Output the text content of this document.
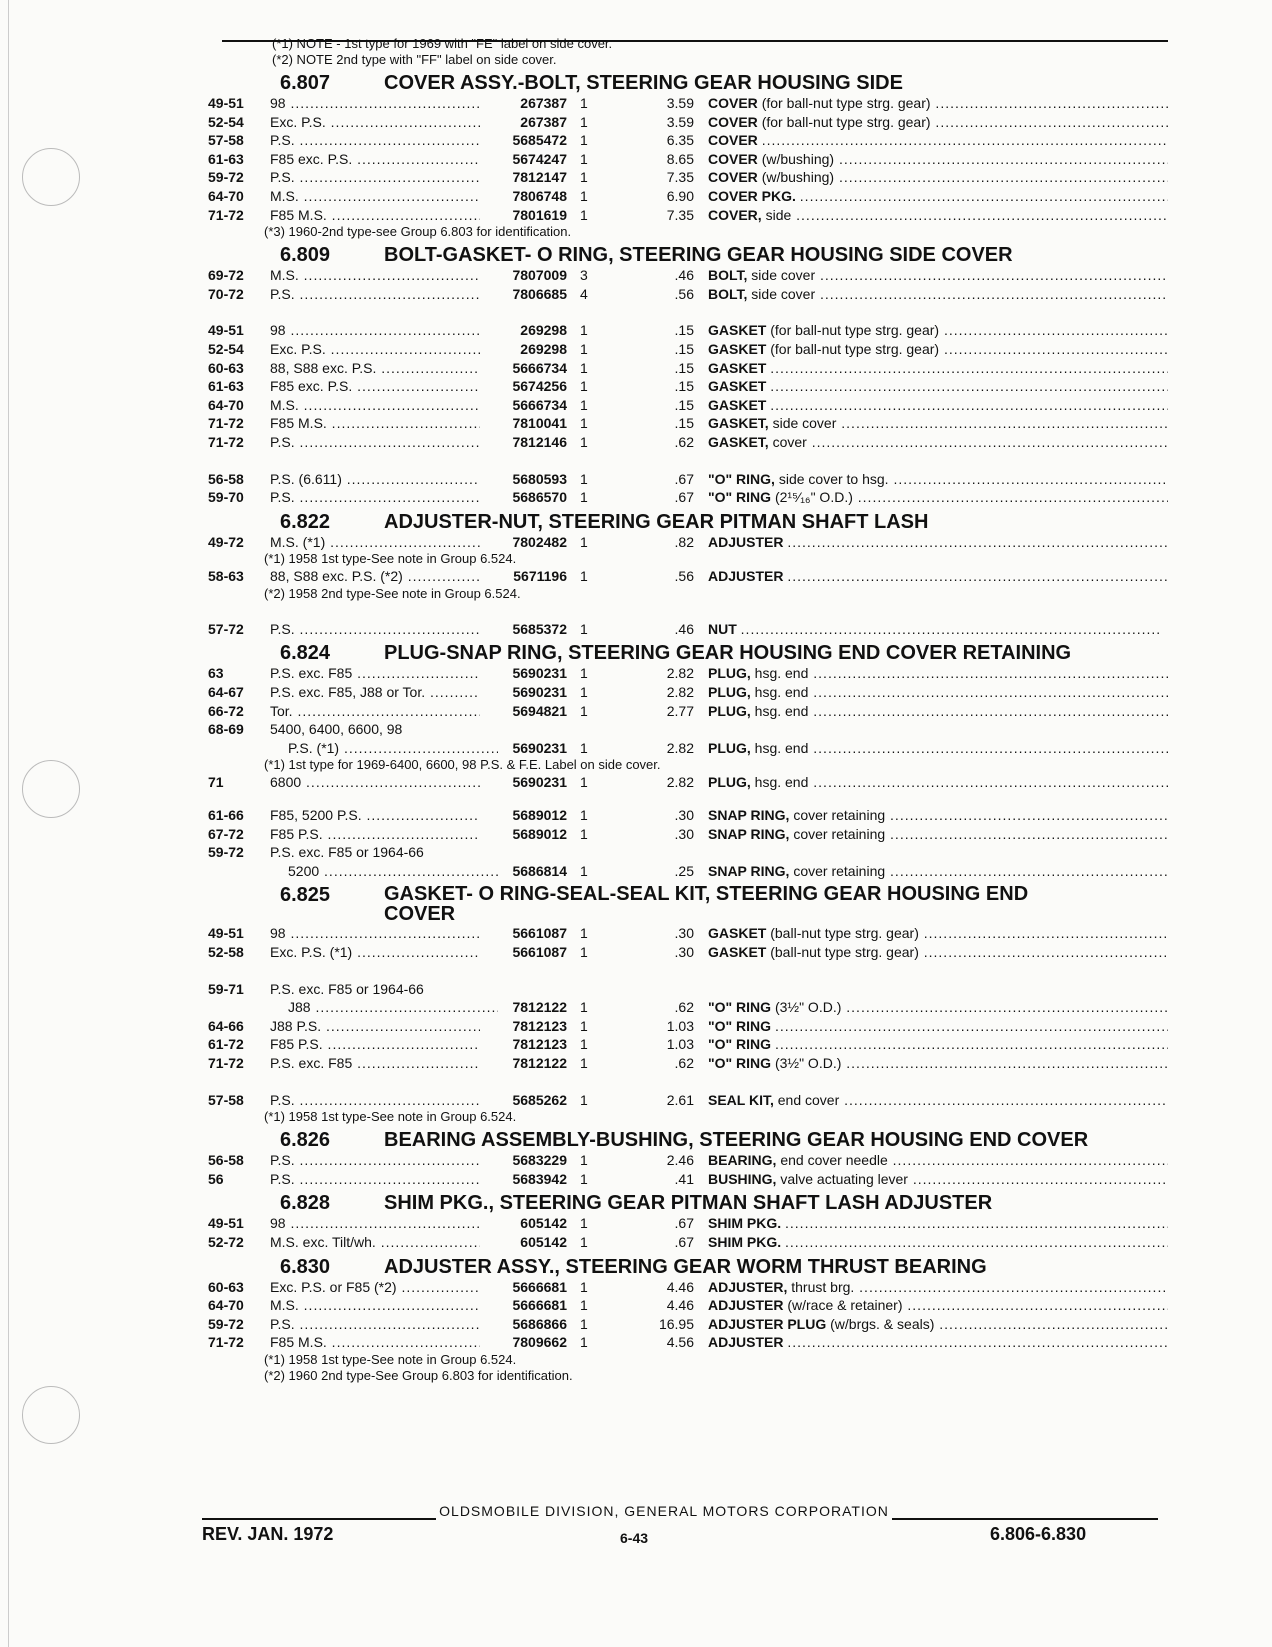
(*1) NOTE - 1st type for 1969 with "FE" label on side cover.
(*2) NOTE 2nd type with "FF" label on side cover.
6.807	COVER ASSY.-BOLT, STEERING GEAR HOUSING SIDE
49-51	98 .....	267387 1	3.59 COVER (for ball-nut type strg. gear) .....
52-54	Exc. P.S. .....	267387 1	3.59 COVER (for ball-nut type strg. gear) .....
57-58	P.S. .....	5685472 1	6.35 COVER .....
61-63	F85 exc. P.S. .....	5674247 1	8.65 COVER (w/bushing) .....
59-72	P.S. .....	7812147 1	7.35 COVER (w/bushing) .....
64-70	M.S. .....	7806748 1	6.90 COVER PKG. .....
71-72	F85 M.S. .....	7801619 1	7.35 COVER, side .....
(*3) 1960-2nd type-see Group 6.803 for identification.
6.809	BOLT-GASKET- O RING, STEERING GEAR HOUSING SIDE COVER
69-72	M.S. .....	7807009 3	.46 BOLT, side cover .....
70-72	P.S. .....	7806685 4	.56 BOLT, side cover .....
49-51	98 .....	269298 1	.15 GASKET (for ball-nut type strg. gear) .....
52-54	Exc. P.S. .....	269298 1	.15 GASKET (for ball-nut type strg. gear) .....
60-63	88, S88 exc. P.S. .....	5666734 1	.15 GASKET .....
61-63	F85 exc. P.S. .....	5674256 1	.15 GASKET .....
64-70	M.S. .....	5666734 1	.15 GASKET .....
71-72	F85 M.S. .....	7810041 1	.15 GASKET, side cover .....
71-72	P.S. .....	7812146 1	.62 GASKET, cover .....
56-58	P.S. (6.611) .....	5680593 1	.67 "O" RING, side cover to hsg. .....
59-70	P.S. .....	5686570 1	.67 "O" RING (2¹⁵⁄₁₆" O.D.) .....
6.822	ADJUSTER-NUT, STEERING GEAR PITMAN SHAFT LASH
49-72	M.S. (*1) .....	7802482 1	.82 ADJUSTER .....
(*1) 1958 1st type-See note in Group 6.524.
58-63	88, S88 exc. P.S. (*2) .....	5671196 1	.56 ADJUSTER .....
(*2) 1958 2nd type-See note in Group 6.524.
57-72	P.S. .....	5685372 1	.46 NUT .....
6.824	PLUG-SNAP RING, STEERING GEAR HOUSING END COVER RETAINING
63	P.S. exc. F85 .....	5690231 1	2.82 PLUG, hsg. end .....
64-67	P.S. exc. F85, J88 or Tor. .....	5690231 1	2.82 PLUG, hsg. end .....
66-72	Tor. .....	5694821 1	2.77 PLUG, hsg. end .....
68-69	5400, 6400, 6600, 98
P.S. (*1) .....	5690231 1	2.82 PLUG, hsg. end .....
(*1) 1st type for 1969-6400, 6600, 98 P.S. & F.E. Label on side cover.
71	6800 .....	5690231 1	2.82 PLUG, hsg. end .....
61-66	F85, 5200 P.S. .....	5689012 1	.30 SNAP RING, cover retaining .....
67-72	F85 P.S. .....	5689012 1	.30 SNAP RING, cover retaining .....
59-72	P.S. exc. F85 or 1964-66
5200 .....	5686814 1	.25 SNAP RING, cover retaining .....
6.825	GASKET- O RING-SEAL-SEAL KIT, STEERING GEAR HOUSING END
COVER
49-51	98 .....	5661087 1	.30 GASKET (ball-nut type strg. gear) .....
52-58	Exc. P.S. (*1) .....	5661087 1	.30 GASKET (ball-nut type strg. gear) .....
59-71	P.S. exc. F85 or 1964-66
J88 .....	7812122 1	.62 "O" RING (3½" O.D.) .....
64-66	J88 P.S. .....	7812123 1	1.03 "O" RING .....
61-72	F85 P.S. .....	7812123 1	1.03 "O" RING .....
71-72	P.S. exc. F85 .....	7812122 1	.62 "O" RING (3½" O.D.) .....
57-58	P.S. .....	5685262 1	2.61 SEAL KIT, end cover .....
(*1) 1958 1st type-See note in Group 6.524.
6.826	BEARING ASSEMBLY-BUSHING, STEERING GEAR HOUSING END COVER
56-58	P.S. .....	5683229 1	2.46 BEARING, end cover needle .....
56	P.S. .....	5683942 1	.41 BUSHING, valve actuating lever .....
6.828	SHIM PKG., STEERING GEAR PITMAN SHAFT LASH ADJUSTER
49-51	98 .....	605142 1	.67 SHIM PKG. .....
52-72	M.S. exc. Tilt/wh. .....	605142 1	.67 SHIM PKG. .....
6.830	ADJUSTER ASSY., STEERING GEAR WORM THRUST BEARING
60-63	Exc. P.S. or F85 (*2) .....	5666681 1	4.46 ADJUSTER, thrust brg. .....
64-70	M.S. .....	5666681 1	4.46 ADJUSTER (w/race & retainer) .....
59-72	P.S. .....	5686866 1	16.95 ADJUSTER PLUG (w/brgs. & seals) .....
71-72	F85 M.S. .....	7809662 1	4.56 ADJUSTER .....
(*1) 1958 1st type-See note in Group 6.524.
(*2) 1960 2nd type-See Group 6.803 for identification.
OLDSMOBILE DIVISION, GENERAL MOTORS CORPORATION
REV. JAN. 1972	6-43	6.806-6.830
